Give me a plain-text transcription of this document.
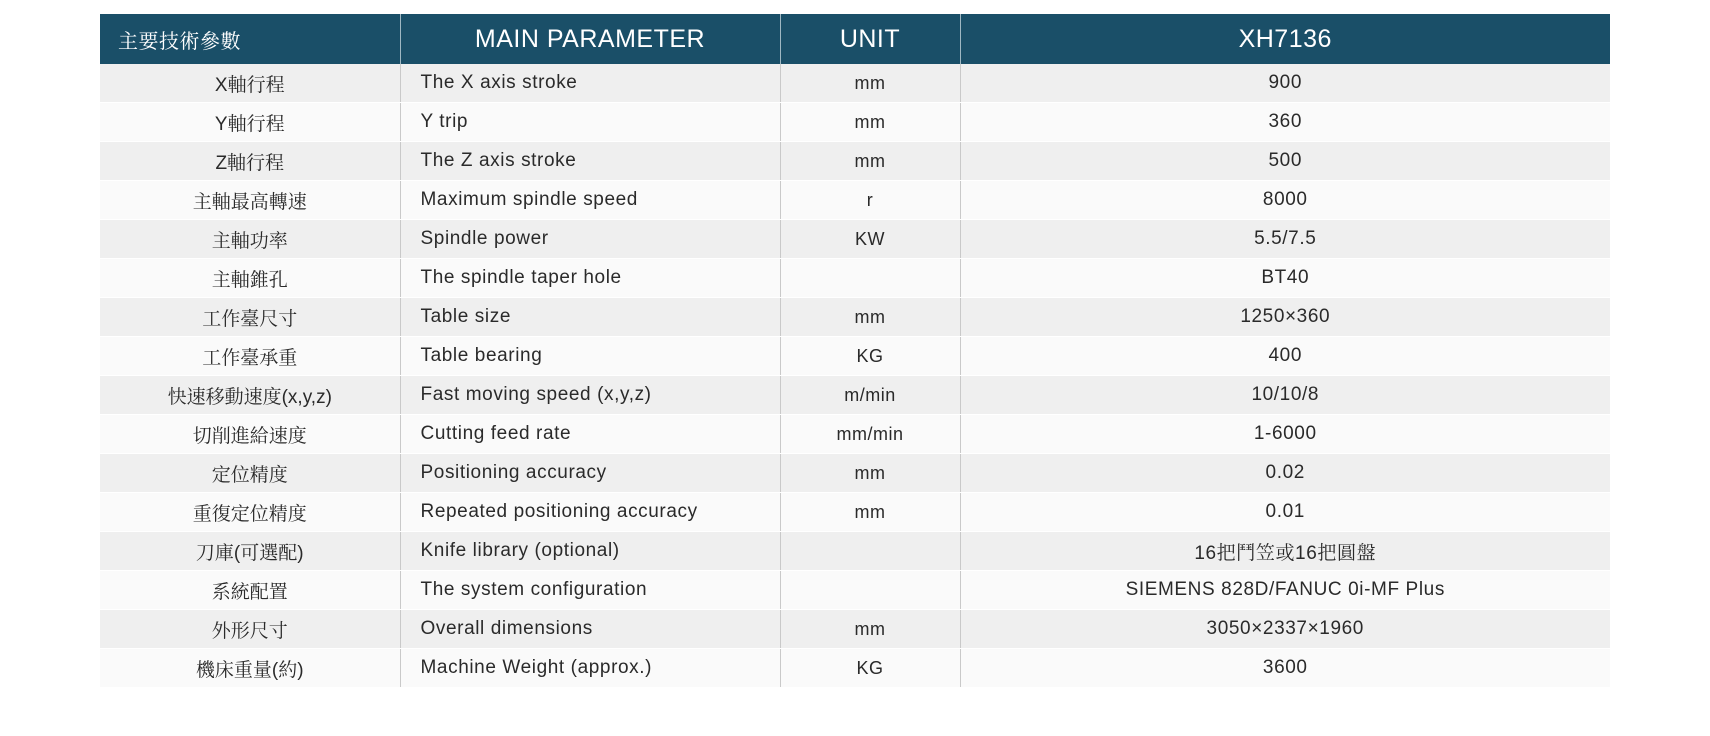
主要技術參數	MAIN PARAMETER	UNIT	XH7136
X軸行程	The X axis stroke	mm	900
Y軸行程	Y trip	mm	360
Z軸行程	The Z axis stroke	mm	500
主軸最高轉速	Maximum spindle speed	r	8000
主軸功率	Spindle power	KW	5.5/7.5
主軸錐孔	The spindle taper hole		BT40
工作臺尺寸	Table size	mm	1250×360
工作臺承重	Table bearing	KG	400
快速移動速度(x,y,z)	Fast moving speed (x,y,z)	m/min	10/10/8
切削進給速度	Cutting feed rate	mm/min	1-6000
定位精度	Positioning accuracy	mm	0.02
重復定位精度	Repeated positioning accuracy	mm	0.01
刀庫(可選配)	Knife library (optional)		16把鬥笠或16把圓盤
系統配置	The system configuration		SIEMENS 828D/FANUC 0i-MF Plus
外形尺寸	Overall dimensions	mm	3050×2337×1960
機床重量(約)	Machine Weight (approx.)	KG	3600
